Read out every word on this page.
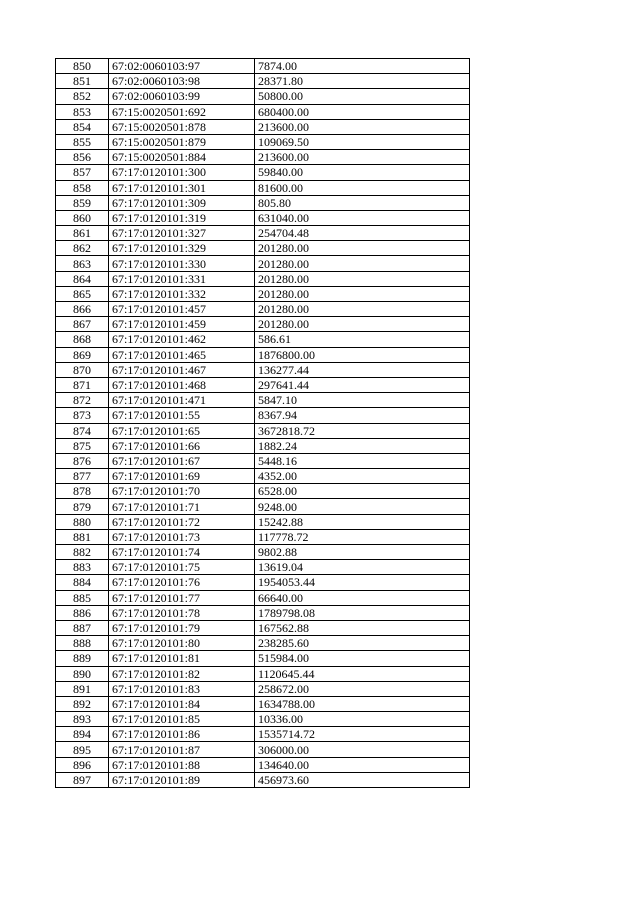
850	67:02:0060103:97	7874.00
851	67:02:0060103:98	28371.80
852	67:02:0060103:99	50800.00
853	67:15:0020501:692	680400.00
854	67:15:0020501:878	213600.00
855	67:15:0020501:879	109069.50
856	67:15:0020501:884	213600.00
857	67:17:0120101:300	59840.00
858	67:17:0120101:301	81600.00
859	67:17:0120101:309	805.80
860	67:17:0120101:319	631040.00
861	67:17:0120101:327	254704.48
862	67:17:0120101:329	201280.00
863	67:17:0120101:330	201280.00
864	67:17:0120101:331	201280.00
865	67:17:0120101:332	201280.00
866	67:17:0120101:457	201280.00
867	67:17:0120101:459	201280.00
868	67:17:0120101:462	586.61
869	67:17:0120101:465	1876800.00
870	67:17:0120101:467	136277.44
871	67:17:0120101:468	297641.44
872	67:17:0120101:471	5847.10
873	67:17:0120101:55	8367.94
874	67:17:0120101:65	3672818.72
875	67:17:0120101:66	1882.24
876	67:17:0120101:67	5448.16
877	67:17:0120101:69	4352.00
878	67:17:0120101:70	6528.00
879	67:17:0120101:71	9248.00
880	67:17:0120101:72	15242.88
881	67:17:0120101:73	117778.72
882	67:17:0120101:74	9802.88
883	67:17:0120101:75	13619.04
884	67:17:0120101:76	1954053.44
885	67:17:0120101:77	66640.00
886	67:17:0120101:78	1789798.08
887	67:17:0120101:79	167562.88
888	67:17:0120101:80	238285.60
889	67:17:0120101:81	515984.00
890	67:17:0120101:82	1120645.44
891	67:17:0120101:83	258672.00
892	67:17:0120101:84	1634788.00
893	67:17:0120101:85	10336.00
894	67:17:0120101:86	1535714.72
895	67:17:0120101:87	306000.00
896	67:17:0120101:88	134640.00
897	67:17:0120101:89	456973.60
